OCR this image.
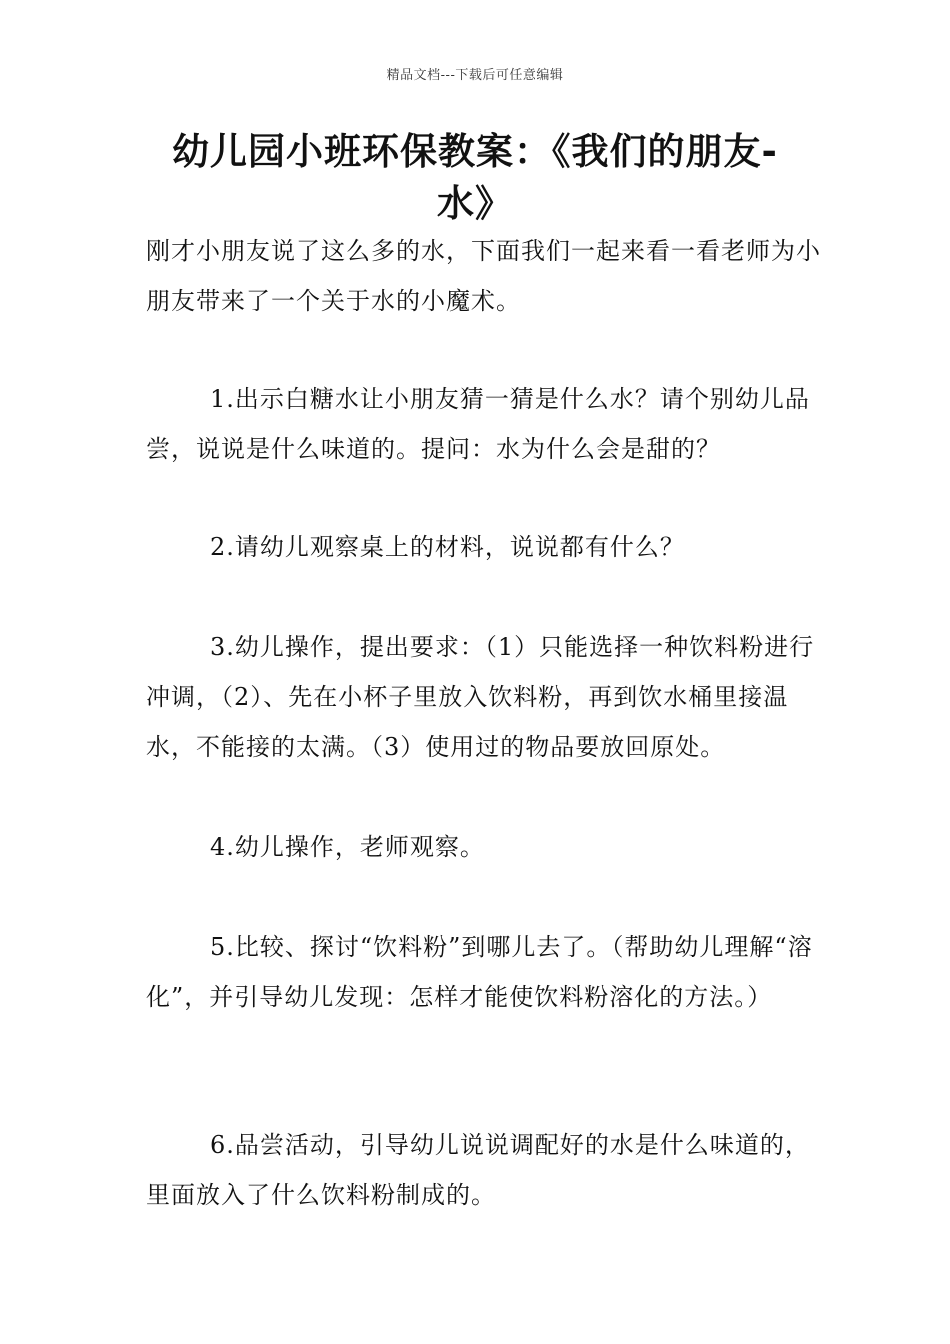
精品文档---下载后可任意编辑
幼儿园小班环保教案：《我们的朋友-水》

刚才小朋友说了这么多的水，下面我们一起来看一看老师为小朋友带来了一个关于水的小魔术。

1.出示白糖水让小朋友猜一猜是什么水？请个别幼儿品尝，说说是什么味道的。提问：水为什么会是甜的？

2.请幼儿观察桌上的材料，说说都有什么？

3.幼儿操作，提出要求：（1）只能选择一种饮料粉进行冲调，（2）、先在小杯子里放入饮料粉，再到饮水桶里接温水，不能接的太满。（3）使用过的物品要放回原处。

4.幼儿操作，老师观察。

5.比较、探讨“饮料粉”到哪儿去了。（帮助幼儿理解“溶化”，并引导幼儿发现：怎样才能使饮料粉溶化的方法。）

6.品尝活动，引导幼儿说说调配好的水是什么味道的，里面放入了什么饮料粉制成的。
